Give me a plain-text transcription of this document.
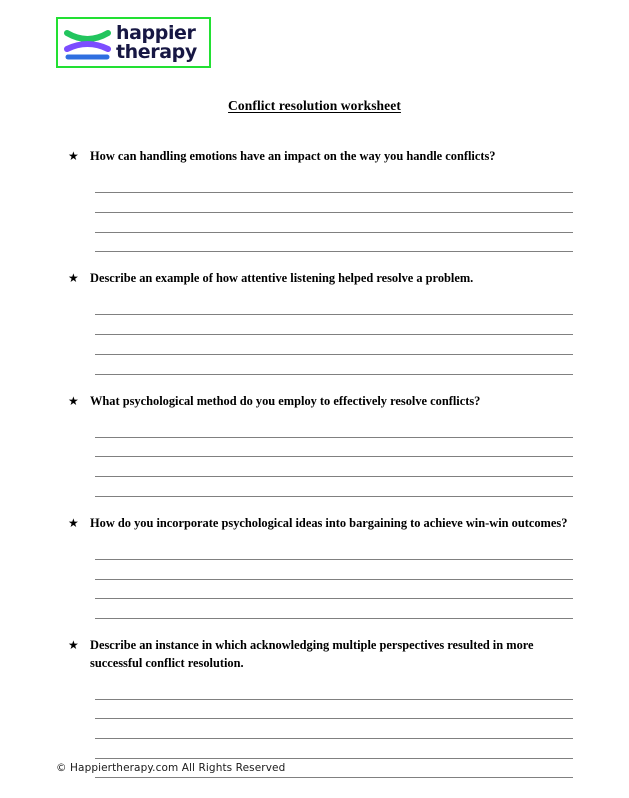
happier
therapy
Conflict resolution worksheet
★ How can handling emotions have an impact on the way you handle conflicts?
★ Describe an example of how attentive listening helped resolve a problem.
★ What psychological method do you employ to effectively resolve conflicts?
★ How do you incorporate psychological ideas into bargaining to achieve win-win outcomes?
★ Describe an instance in which acknowledging multiple perspectives resulted in more successful conflict resolution.
© Happiertherapy.com All Rights Reserved
